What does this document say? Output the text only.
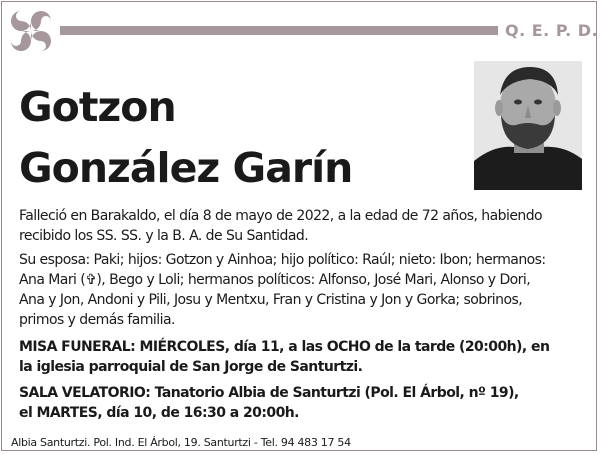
Q. E. P. D.
Gotzon
González Garín
Falleció en Barakaldo, el día 8 de mayo de 2022, a la edad de 72 años, habiendo
recibido los SS. SS. y la B. A. de Su Santidad.
Su esposa: Paki; hijos: Gotzon y Ainhoa; hijo político: Raúl; nieto: Ibon; hermanos:
Ana Mari (✞), Bego y Loli; hermanos políticos: Alfonso, José Mari, Alonso y Dori,
Ana y Jon, Andoni y Pili, Josu y Mentxu, Fran y Cristina y Jon y Gorka; sobrinos,
primos y demás familia.
MISA FUNERAL: MIÉRCOLES, día 11, a las OCHO de la tarde (20:00h), en
la iglesia parroquial de San Jorge de Santurtzi.
SALA VELATORIO: Tanatorio Albia de Santurtzi (Pol. El Árbol, nº 19),
el MARTES, día 10, de 16:30 a 20:00h.
Albia Santurtzi. Pol. Ind. El Árbol, 19. Santurtzi - Tel. 94 483 17 54
